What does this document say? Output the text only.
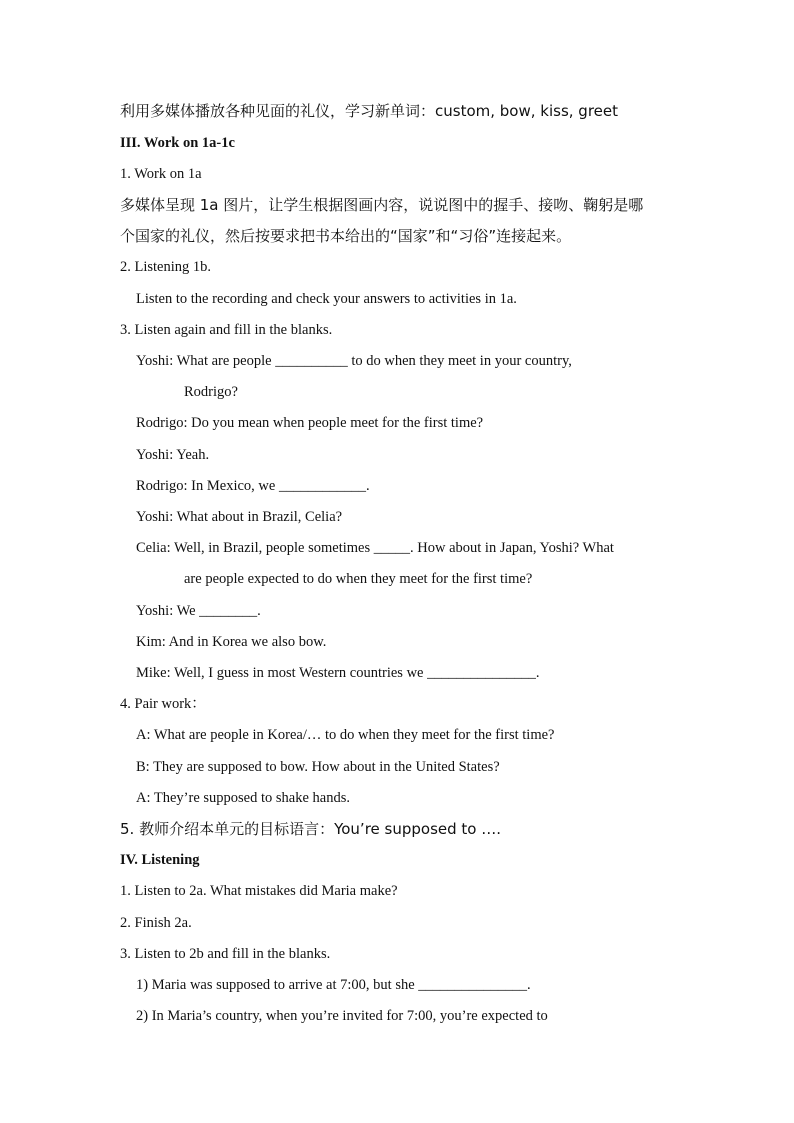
利用多媒体播放各种见面的礼仪，学习新单词：custom, bow, kiss, greet
III. Work on 1a-1c
1. Work on 1a
多媒体呈现 1a 图片，让学生根据图画内容，说说图中的握手、接吻、鞠躬是哪
个国家的礼仪，然后按要求把书本给出的“国家”和“习俗”连接起来。
2. Listening 1b.
Listen to the recording and check your answers to activities in 1a.
3. Listen again and fill in the blanks.
Yoshi: What are people __________ to do when they meet in your country,
Rodrigo?
Rodrigo: Do you mean when people meet for the first time?
Yoshi: Yeah.
Rodrigo: In Mexico, we ____________.
Yoshi: What about in Brazil, Celia?
Celia: Well, in Brazil, people sometimes _____. How about in Japan, Yoshi? What
are people expected to do when they meet for the first time?
Yoshi: We ________.
Kim: And in Korea we also bow.
Mike: Well, I guess in most Western countries we _______________.
4. Pair work：
A: What are people in Korea/… to do when they meet for the first time?
B: They are supposed to bow. How about in the United States?
A: They’re supposed to shake hands.
5. 教师介绍本单元的目标语言：You’re supposed to ….
IV. Listening
1. Listen to 2a. What mistakes did Maria make?
2. Finish 2a.
3. Listen to 2b and fill in the blanks.
1) Maria was supposed to arrive at 7:00, but she _______________.
2) In Maria’s country, when you’re invited for 7:00, you’re expected to
